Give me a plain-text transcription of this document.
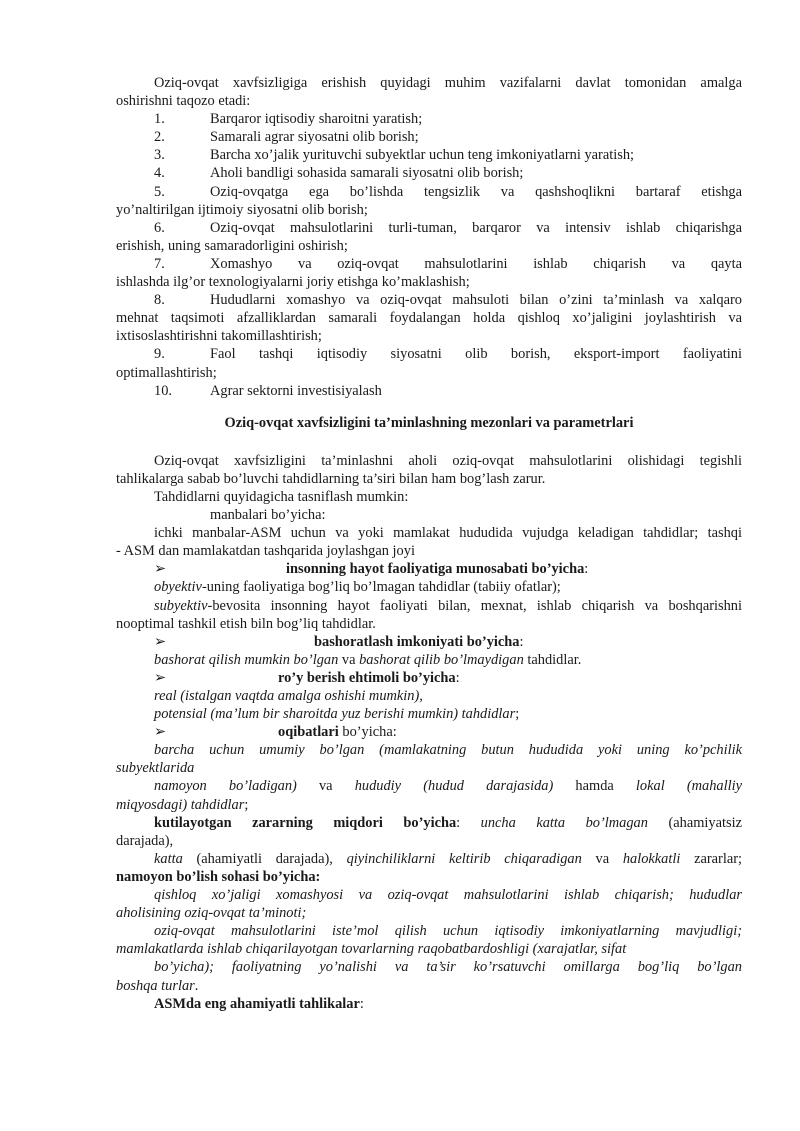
Oziq-ovqat xavfsizligiga erishish quyidagi muhim vazifalarni davlat tomonidan amalga

oshirishni taqozo etadi:

1.	Barqaror iqtisodiy sharoitni yaratish;

2.	Samarali agrar siyosatni olib borish;

3.	Barcha xo’jalik yurituvchi subyektlar uchun teng imkoniyatlarni yaratish;

4.	Aholi bandligi sohasida samarali siyosatni olib borish;

5.	Oziq-ovqatga ega bo’lishda tengsizlik va qashshoqlikni bartaraf etishga

yo’naltirilgan ijtimoiy siyosatni olib borish;

6.	Oziq-ovqat mahsulotlarini turli-tuman, barqaror va intensiv ishlab chiqarishga

erishish, uning samaradorligini oshirish;

7.	Xomashyo va oziq-ovqat mahsulotlarini ishlab chiqarish va qayta

ishlashda ilg’or texnologiyalarni joriy etishga ko’maklashish;

8.	Hududlarni xomashyo va oziq-ovqat mahsuloti bilan o’zini ta’minlash va xalqaro

mehnat taqsimoti afzalliklardan samarali foydalangan holda qishloq xo’jaligini joylashtirish va

ixtisoslashtirishni takomillashtirish;

9.	Faol tashqi iqtisodiy siyosatni olib borish, eksport-import faoliyatini

optimallashtirish;

10.	Agrar sektorni investisiyalash

Oziq-ovqat xavfsizligini ta’minlashning mezonlari va parametrlari

Oziq-ovqat xavfsizligini ta’minlashni aholi oziq-ovqat mahsulotlarini olishidagi tegishli

tahlikalarga sabab bo’luvchi tahdidlarning ta’siri bilan ham bog’lash zarur.

Tahdidlarni quyidagicha tasniflash mumkin:

manbalari bo’yicha:

ichki manbalar-ASM uchun va yoki mamlakat hududida vujudga keladigan tahdidlar; tashqi

- ASM dan mamlakatdan tashqarida joylashgan joyi

➢	insonning hayot faoliyatiga munosabati bo’yicha:

obyektiv-uning faoliyatiga bog’liq bo’lmagan tahdidlar (tabiiy ofatlar);

subyektiv-bevosita insonning hayot faoliyati bilan, mexnat, ishlab chiqarish va boshqarishni

nooptimal tashkil etish biln bog’liq tahdidlar.

➢	bashoratlash imkoniyati bo’yicha:

bashorat qilish mumkin bo’lgan va bashorat qilib bo’lmaydigan tahdidlar.

➢	ro’y berish ehtimoli bo’yicha:

real (istalgan vaqtda amalga oshishi mumkin),

potensial (ma’lum bir sharoitda yuz berishi mumkin) tahdidlar;

➢	oqibatlari bo’yicha:

barcha uchun umumiy bo’lgan (mamlakatning butun hududida yoki uning ko’pchilik

subyektlarida

namoyon bo’ladigan) va hududiy (hudud darajasida) hamda lokal (mahalliy

miqyosdagi) tahdidlar;

kutilayotgan zararning miqdori bo’yicha: uncha katta bo’lmagan (ahamiyatsiz

darajada),

katta (ahamiyatli darajada), qiyinchiliklarni keltirib chiqaradigan va halokkatli zararlar;

namoyon bo’lish sohasi bo’yicha:

qishloq xo’jaligi xomashyosi va oziq-ovqat mahsulotlarini ishlab chiqarish; hududlar

aholisining oziq-ovqat ta’minoti;

oziq-ovqat mahsulotlarini iste’mol qilish uchun iqtisodiy imkoniyatlarning mavjudligi;

mamlakatlarda ishlab chiqarilayotgan tovarlarning raqobatbardoshligi (xarajatlar, sifat

bo’yicha); faoliyatning yo’nalishi va ta’sir ko’rsatuvchi omillarga bog’liq bo’lgan

boshqa turlar.

ASMda eng ahamiyatli tahlikalar:
